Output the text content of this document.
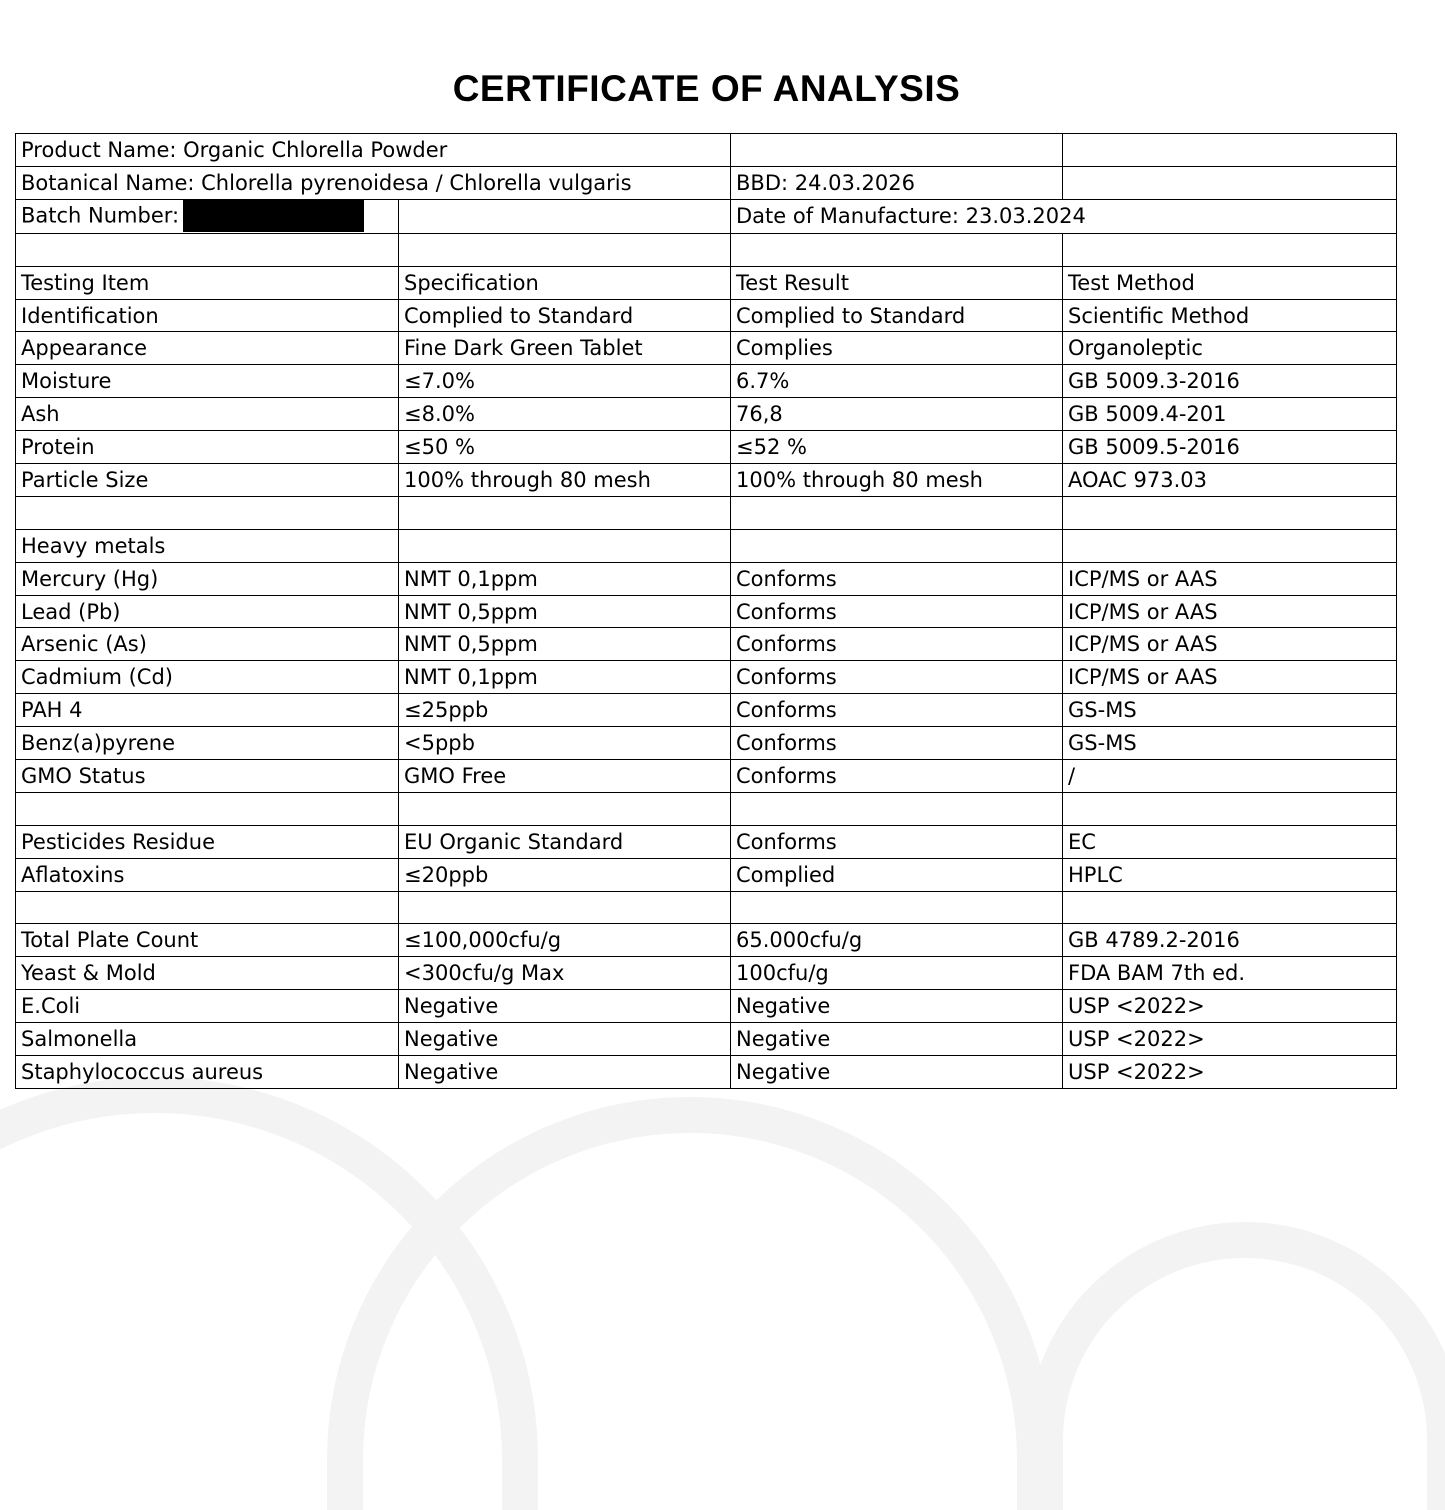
CERTIFICATE OF ANALYSIS
Product Name: Organic Chlorella Powder			
Botanical Name: Chlorella pyrenoidesa / Chlorella vulgaris		BBD: 24.03.2026	
Batch Number:		Date of Manufacture: 23.03.2024	

Testing Item	Specification	Test Result	Test Method
Identification	Complied to Standard	Complied to Standard	Scientific Method
Appearance	Fine Dark Green Tablet	Complies	Organoleptic
Moisture	≤7.0%	6.7%	GB 5009.3-2016
Ash	≤8.0%	76,8	GB 5009.4-201
Protein	≤50 %	≤52 %	GB 5009.5-2016
Particle Size	100% through 80 mesh	100% through 80 mesh	AOAC 973.03

Heavy metals			
Mercury (Hg)	NMT 0,1ppm	Conforms	ICP/MS or AAS
Lead (Pb)	NMT 0,5ppm	Conforms	ICP/MS or AAS
Arsenic (As)	NMT 0,5ppm	Conforms	ICP/MS or AAS
Cadmium (Cd)	NMT 0,1ppm	Conforms	ICP/MS or AAS
PAH 4	≤25ppb	Conforms	GS-MS
Benz(a)pyrene	<5ppb	Conforms	GS-MS
GMO Status	GMO Free	Conforms	/

Pesticides Residue	EU Organic Standard	Conforms	EC
Aflatoxins	≤20ppb	Complied	HPLC

Total Plate Count	≤100,000cfu/g	65.000cfu/g	GB 4789.2-2016
Yeast & Mold	<300cfu/g Max	100cfu/g	FDA BAM 7th ed.
E.Coli	Negative	Negative	USP <2022>
Salmonella	Negative	Negative	USP <2022>
Staphylococcus aureus	Negative	Negative	USP <2022>
